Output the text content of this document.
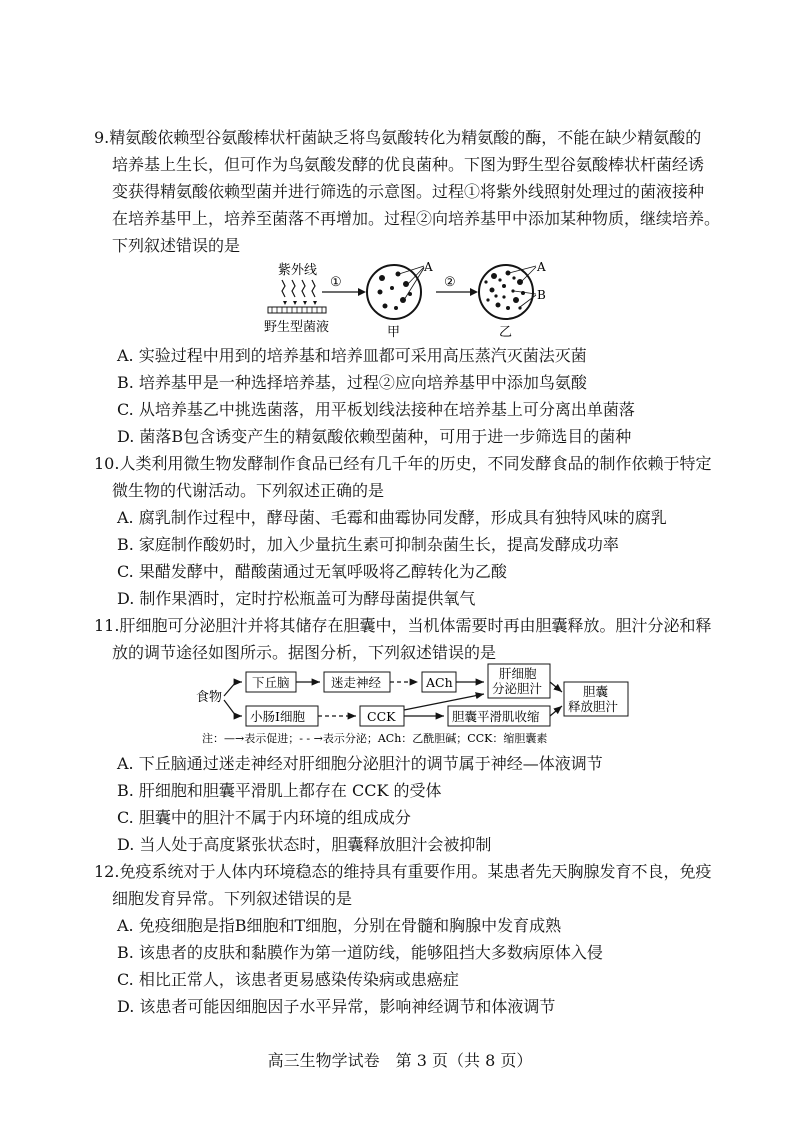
9.精氨酸依赖型谷氨酸棒状杆菌缺乏将鸟氨酸转化为精氨酸的酶，不能在缺少精氨酸的
培养基上生长，但可作为鸟氨酸发酵的优良菌种。下图为野生型谷氨酸棒状杆菌经诱
变获得精氨酸依赖型菌并进行筛选的示意图。过程①将紫外线照射处理过的菌液接种
在培养基甲上，培养至菌落不再增加。过程②向培养基甲中添加某种物质，继续培养。
下列叙述错误的是
紫外线
野生型菌液
①
A
甲
②
A
B
乙
A. 实验过程中用到的培养基和培养皿都可采用高压蒸汽灭菌法灭菌
B. 培养基甲是一种选择培养基，过程②应向培养基甲中添加鸟氨酸
C. 从培养基乙中挑选菌落，用平板划线法接种在培养基上可分离出单菌落
D. 菌落B包含诱变产生的精氨酸依赖型菌种，可用于进一步筛选目的菌种
10.人类利用微生物发酵制作食品已经有几千年的历史，不同发酵食品的制作依赖于特定
微生物的代谢活动。下列叙述正确的是
A. 腐乳制作过程中，酵母菌、毛霉和曲霉协同发酵，形成具有独特风味的腐乳
B. 家庭制作酸奶时，加入少量抗生素可抑制杂菌生长，提高发酵成功率
C. 果醋发酵中，醋酸菌通过无氧呼吸将乙醇转化为乙酸
D. 制作果酒时，定时拧松瓶盖可为酵母菌提供氧气
11.肝细胞可分泌胆汁并将其储存在胆囊中，当机体需要时再由胆囊释放。胆汁分泌和释
放的调节途径如图所示。据图分析，下列叙述错误的是
食物
下丘脑	迷走神经	ACh
肝细胞
分泌胆汁
小肠Ⅰ细胞	CCK	胆囊平滑肌收缩
胆囊
释放胆汁
注：—→表示促进；- - →表示分泌；ACh：乙酰胆碱；CCK：缩胆囊素
A. 下丘脑通过迷走神经对肝细胞分泌胆汁的调节属于神经—体液调节
B. 肝细胞和胆囊平滑肌上都存在 CCK 的受体
C. 胆囊中的胆汁不属于内环境的组成成分
D. 当人处于高度紧张状态时，胆囊释放胆汁会被抑制
12.免疫系统对于人体内环境稳态的维持具有重要作用。某患者先天胸腺发育不良，免疫
细胞发育异常。下列叙述错误的是
A. 免疫细胞是指B细胞和T细胞，分别在骨髓和胸腺中发育成熟
B. 该患者的皮肤和黏膜作为第一道防线，能够阻挡大多数病原体入侵
C. 相比正常人，该患者更易感染传染病或患癌症
D. 该患者可能因细胞因子水平异常，影响神经调节和体液调节
高三生物学试卷　第 3 页（共 8 页）
